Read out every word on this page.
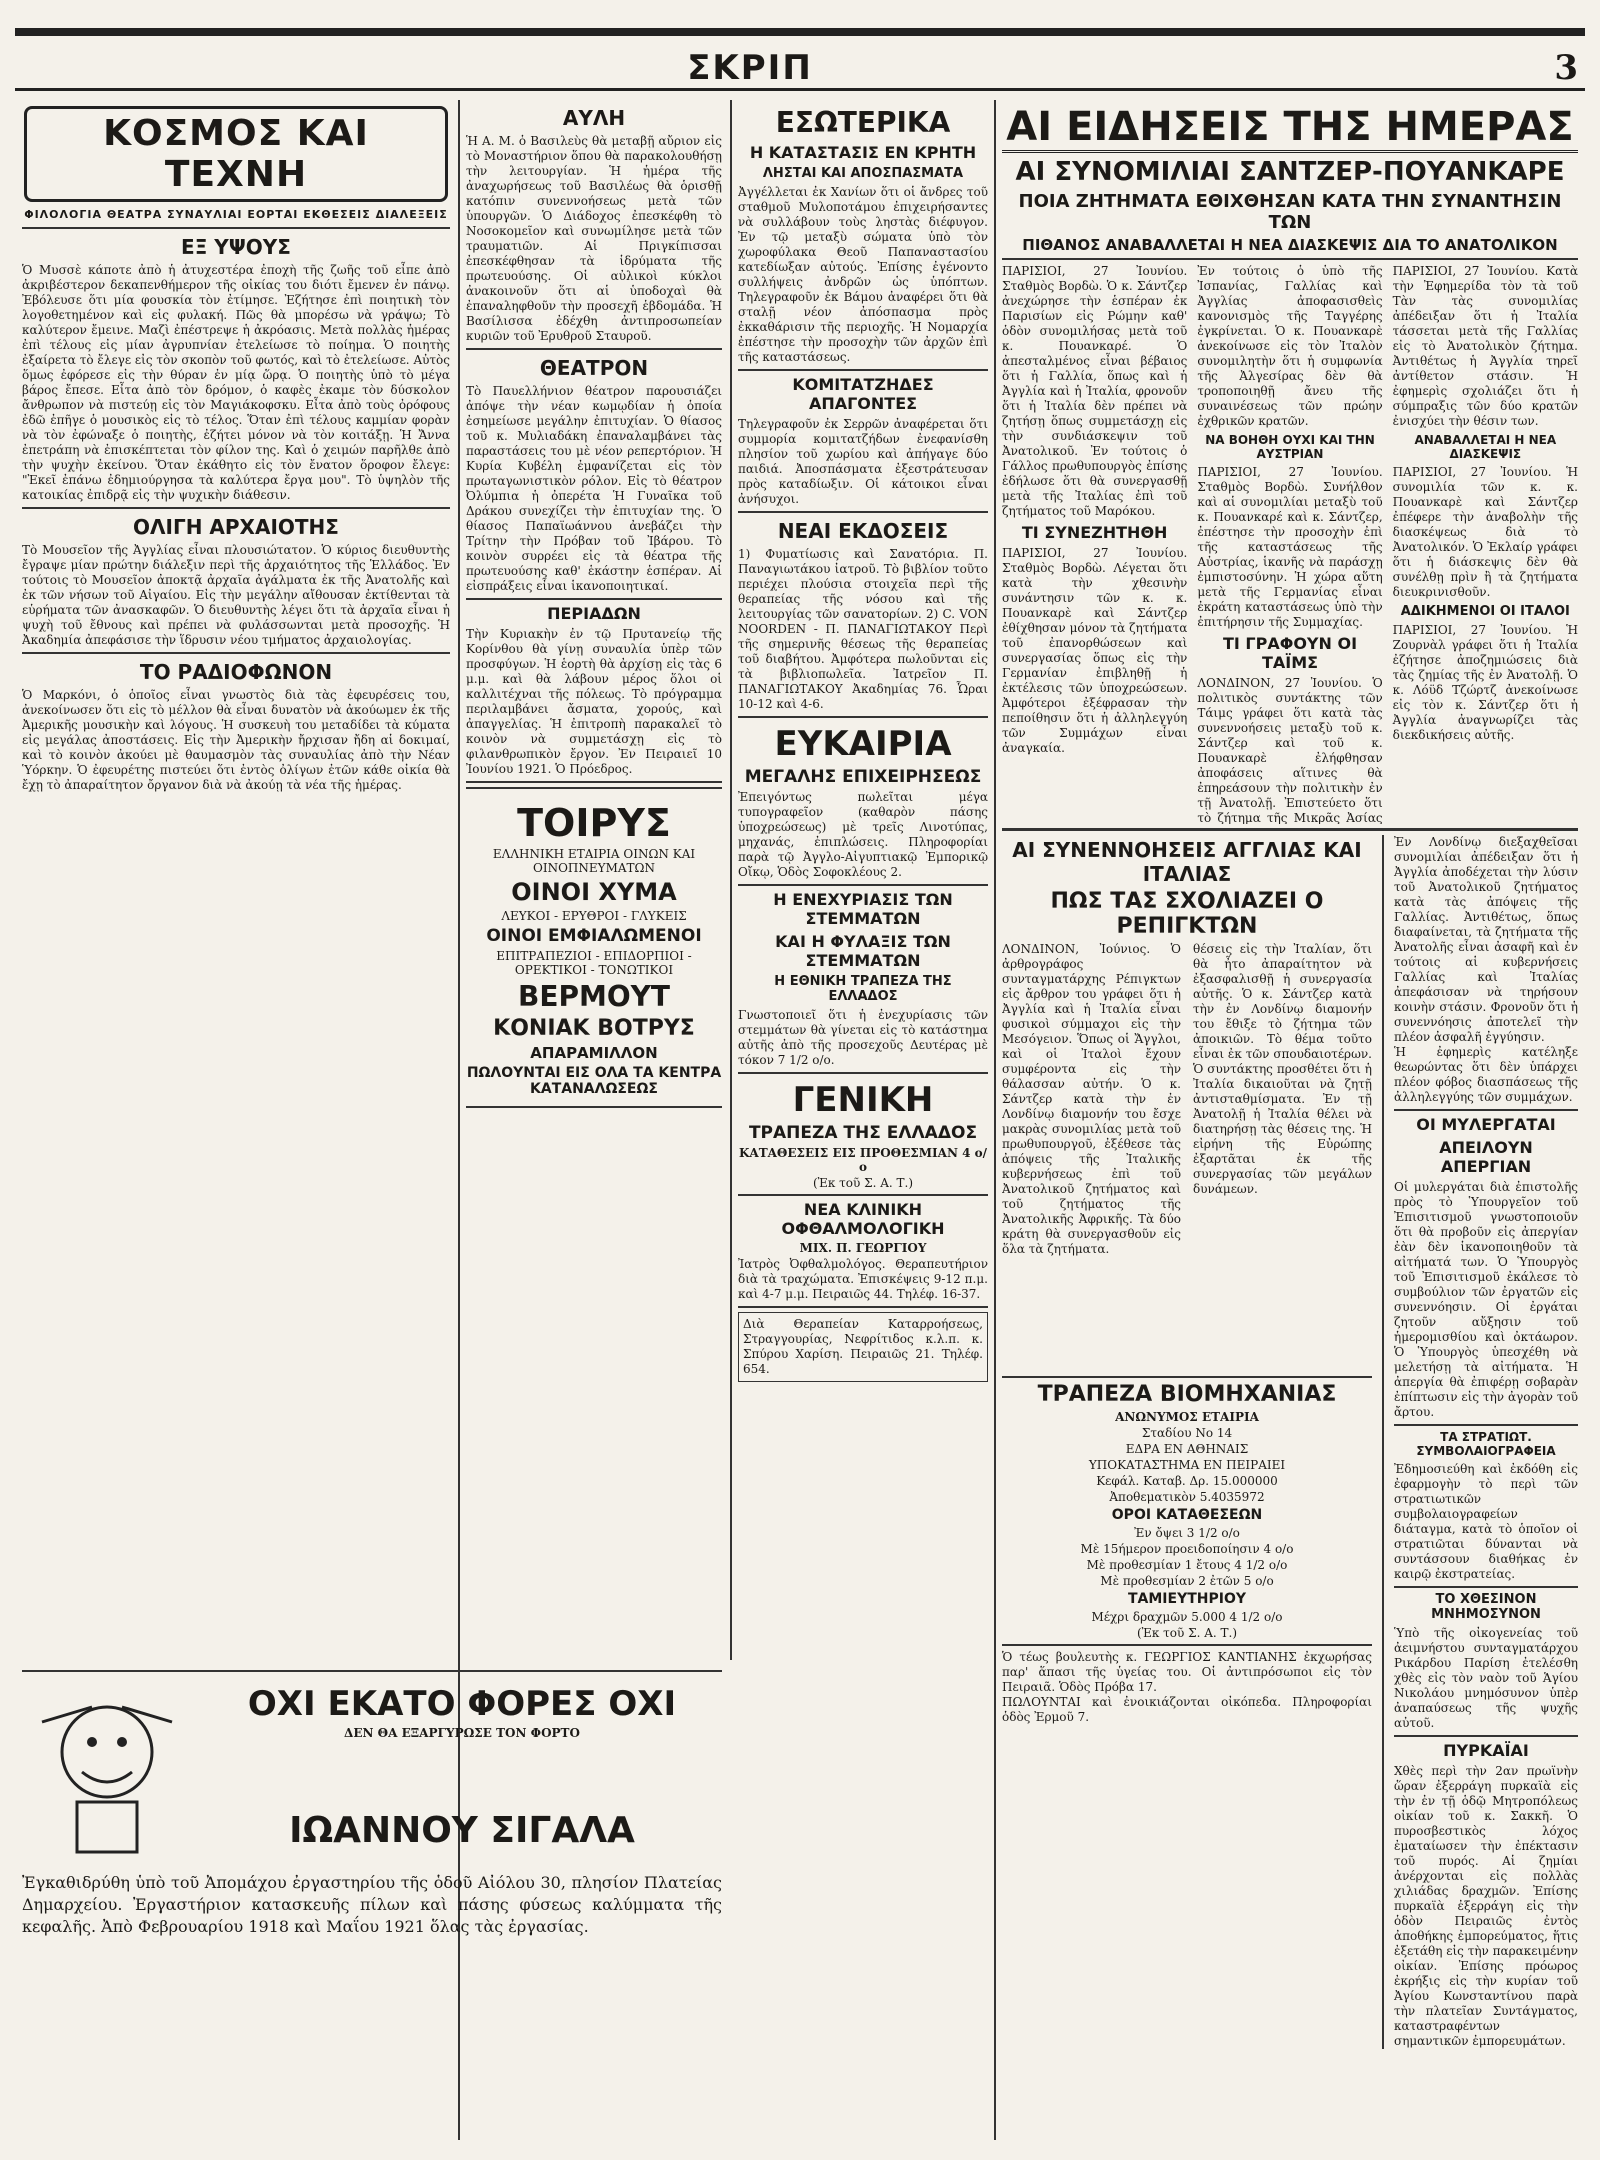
ΣΚΡΙΠ	3
ΚΟΣΜΟΣ ΚΑΙ ΤΕΧΝΗ
ΦΙΛΟΛΟΓΙΑ ΘΕΑΤΡΑ ΣΥΝΑΥΛΙΑΙ ΕΟΡΤΑΙ ΕΚΘΕΣΕΙΣ ΔΙΑΛΕΞΕΙΣ
ΕΞ ΥΨΟΥΣ

Ὁ Μυσσὲ κάποτε ἀπὸ ἡ ἀτυχεστέρα ἐποχὴ τῆς ζωῆς τοῦ εἶπε ἀπὸ ἀκριβέστερον δεκαπενθήμερον τῆς οἰκίας του διότι ἔμενεν ἐν πάνῳ. Ἐβόλευσε ὅτι μία φουσκία τὸν ἐτίμησε. Ἐζήτησε ἐπὶ ποιητικὴ τὸν λογοθετημένον καὶ εἰς φυλακή. Πῶς θὰ μπορέσω νὰ γράψω; Τὸ καλύτερον ἔμεινε. Μαζὶ ἐπέστρεψε ἡ ἀκρόασις. Μετὰ πολλὰς ἡμέρας ἐπὶ τέλους εἰς μίαν ἀγρυπνίαν ἐτελείωσε τὸ ποίημα. Ὁ ποιητὴς ἐξαίρετα τὸ ἔλεγε εἰς τὸν σκοπὸν τοῦ φωτός, καὶ τὸ ἐτελείωσε. Αὐτὸς ὅμως ἐφόρεσε εἰς τὴν θύραν ἐν μίᾳ ὥρᾳ. Ὁ ποιητὴς ὑπὸ τὸ μέγα βάρος ἔπεσε. Εἶτα ἀπὸ τὸν δρόμον, ὁ καφὲς ἐκαμε τὸν δύσκολον ἄνθρωπον νὰ πιστεύῃ εἰς τὸν Μαγιάκοφσκυ. Εἶτα ἀπὸ τοὺς ὀρόφους ἐδῶ ἐπῆγε ὁ μουσικὸς εἰς τὸ τέλος. Ὅταν ἐπὶ τέλους καμμίαν φορὰν νὰ τὸν ἐφώναξε ὁ ποιητὴς, ἐζήτει μόνον νὰ τὸν κοιτάξῃ. Ἡ Ἄννα ἐπετράπη νὰ ἐπισκέπτεται τὸν φίλον της. Καὶ ὁ χειμών παρῆλθε ἀπὸ τὴν ψυχὴν ἐκείνου. Ὅταν ἐκάθητο εἰς τὸν ἔνατον ὅροφον ἔλεγε: "Ἐκεῖ ἐπάνω ἐδημιούργησα τὰ καλύτερα ἔργα μου". Τὸ ὑψηλὸν τῆς κατοικίας ἐπιδρᾷ εἰς τὴν ψυχικὴν διάθεσιν.

ΟΛΙΓΗ ΑΡΧΑΙΟΤΗΣ

Τὸ Μουσεῖον τῆς Ἀγγλίας εἶναι πλουσιώτατον. Ὁ κύριος διευθυντὴς ἔγραψε μίαν πρώτην διάλεξιν περὶ τῆς ἀρχαιότητος τῆς Ἑλλάδος. Ἐν τούτοις τὸ Μουσεῖον ἀποκτᾷ ἀρχαῖα ἀγάλματα ἐκ τῆς Ἀνατολῆς καὶ ἐκ τῶν νήσων τοῦ Αἰγαίου. Εἰς τὴν μεγάλην αἴθουσαν ἐκτίθενται τὰ εὑρήματα τῶν ἀνασκαφῶν. Ὁ διευθυντὴς λέγει ὅτι τὰ ἀρχαῖα εἶναι ἡ ψυχὴ τοῦ ἔθνους καὶ πρέπει νὰ φυλάσσωνται μετὰ προσοχῆς. Ἡ Ἀκαδημία ἀπεφάσισε τὴν ἵδρυσιν νέου τμήματος ἀρχαιολογίας.

ΤΟ ΡΑΔΙΟΦΩΝΟΝ

Ὁ Μαρκόνι, ὁ ὁποῖος εἶναι γνωστὸς διὰ τὰς ἐφευρέσεις του, ἀνεκοίνωσεν ὅτι εἰς τὸ μέλλον θὰ εἶναι δυνατὸν νὰ ἀκούωμεν ἐκ τῆς Ἀμερικῆς μουσικὴν καὶ λόγους. Ἡ συσκευὴ του μεταδίδει τὰ κύματα εἰς μεγάλας ἀποστάσεις. Εἰς τὴν Ἀμερικὴν ἤρχισαν ἤδη αἱ δοκιμαί, καὶ τὸ κοινὸν ἀκούει μὲ θαυμασμὸν τὰς συναυλίας ἀπὸ τὴν Νέαν Ὑόρκην. Ὁ ἐφευρέτης πιστεύει ὅτι ἐντὸς ὀλίγων ἐτῶν κάθε οἰκία θὰ ἔχῃ τὸ ἀπαραίτητον ὄργανον διὰ νὰ ἀκούῃ τὰ νέα τῆς ἡμέρας.

ΑΥΛΗ

Ἡ Α. Μ. ὁ Βασιλεὺς θὰ μεταβῇ αὔριον εἰς τὸ Μοναστήριον ὅπου θὰ παρακολουθήσῃ τὴν λειτουργίαν. Ἡ ἡμέρα τῆς ἀναχωρήσεως τοῦ Βασιλέως θὰ ὁρισθῇ κατόπιν συνεννοήσεως μετὰ τῶν ὑπουργῶν. Ὁ Διάδοχος ἐπεσκέφθη τὸ Νοσοκομεῖον καὶ συνωμίλησε μετὰ τῶν τραυματιῶν. Αἱ Πριγκίπισσαι ἐπεσκέφθησαν τὰ ἱδρύματα τῆς πρωτευούσης. Οἱ αὐλικοὶ κύκλοι ἀνακοινοῦν ὅτι αἱ ὑποδοχαὶ θὰ ἐπαναληφθοῦν τὴν προσεχῆ ἑβδομάδα. Ἡ Βασίλισσα ἐδέχθη ἀντιπροσωπείαν κυριῶν τοῦ Ἐρυθροῦ Σταυροῦ.

ΘΕΑΤΡΟΝ

Τὸ Παυελλήνιον θέατρον παρουσιάζει ἀπόψε τὴν νέαν κωμῳδίαν ἡ ὁποία ἐσημείωσε μεγάλην ἐπιτυχίαν. Ὁ θίασος τοῦ κ. Μυλιαδάκη ἐπαναλαμβάνει τὰς παραστάσεις του μὲ νέον ρεπερτόριον. Ἡ Κυρία Κυβέλη ἐμφανίζεται εἰς τὸν πρωταγωνιστικὸν ρόλον. Εἰς τὸ θέατρον Ὀλύμπια ἡ ὀπερέτα Ἡ Γυναῖκα τοῦ Δράκου συνεχίζει τὴν ἐπιτυχίαν της. Ὁ θίασος Παπαϊωάννου ἀνεβάζει τὴν Τρίτην τὴν Πρόβαν τοῦ Ἰβάρου. Τὸ κοινὸν συρρέει εἰς τὰ θέατρα τῆς πρωτευούσης καθ' ἑκάστην ἑσπέραν. Αἱ εἰσπράξεις εἶναι ἱκανοποιητικαί.

ΠΕΡΙΑΔΩΝ

Τὴν Κυριακὴν ἐν τῷ Πρυτανείῳ τῆς Κορίνθου θὰ γίνῃ συναυλία ὑπὲρ τῶν προσφύγων. Ἡ ἑορτὴ θὰ ἀρχίσῃ εἰς τὰς 6 μ.μ. καὶ θὰ λάβουν μέρος ὅλοι οἱ καλλιτέχναι τῆς πόλεως. Τὸ πρόγραμμα περιλαμβάνει ἄσματα, χορούς, καὶ ἀπαγγελίας. Ἡ ἐπιτροπὴ παρακαλεῖ τὸ κοινὸν νὰ συμμετάσχῃ εἰς τὸ φιλανθρωπικὸν ἔργον. Ἐν Πειραιεῖ 10 Ἰουνίου 1921. Ὁ Πρόεδρος.

ΤΟΙΡΥΣ
ΕΛΛΗΝΙΚΗ ΕΤΑΙΡΙΑ ΟΙΝΩΝ ΚΑΙ ΟΙΝΟΠΝΕΥΜΑΤΩΝ
ΟΙΝΟΙ ΧΥΜΑ
ΛΕΥΚΟΙ - ΕΡΥΘΡΟΙ - ΓΛΥΚΕΙΣ
ΟΙΝΟΙ ΕΜΦΙΑΛΩΜΕΝΟΙ
ΕΠΙΤΡΑΠΕΖΙΟΙ - ΕΠΙΔΟΡΠΙΟΙ - ΟΡΕΚΤΙΚΟΙ - ΤΟΝΩΤΙΚΟΙ
ΒΕΡΜΟΥΤ
ΚΟΝΙΑΚ ΒΟΤΡΥΣ
ΑΠΑΡΑΜΙΛΛΟΝ
ΠΩΛΟΥΝΤΑΙ ΕΙΣ ΟΛΑ ΤΑ ΚΕΝΤΡΑ ΚΑΤΑΝΑΛΩΣΕΩΣ
ΟΧΙ ΕΚΑΤΟ ΦΟΡΕΣ ΟΧΙ
ΔΕΝ ΘΑ ΕΞΑΡΓΥΡΩΣΕ ΤΟΝ ΦΟΡΤΟ
ΙΩΑΝΝΟΥ ΣΙΓΑΛΑ

Ἐγκαθιδρύθη ὑπὸ τοῦ Ἀπομάχου ἐργαστηρίου τῆς ὁδοῦ Αἰόλου 30, πλησίον Πλατείας Δημαρχείου. Ἐργαστήριον κατασκευῆς πίλων καὶ πάσης φύσεως καλύμματα τῆς κεφαλῆς. Ἀπὸ Φεβρουαρίου 1918 καὶ Μαΐου 1921 ὅλας τὰς ἐργασίας.

ΕΣΩΤΕΡΙΚΑ
Η ΚΑΤΑΣΤΑΣΙΣ ΕΝ ΚΡΗΤΗ
ΛΗΣΤΑΙ ΚΑΙ ΑΠΟΣΠΑΣΜΑΤΑ

Ἀγγέλλεται ἐκ Χανίων ὅτι οἱ ἄνδρες τοῦ σταθμοῦ Μυλοποτάμου ἐπιχειρήσαντες νὰ συλλάβουν τοὺς ληστὰς διέφυγον. Ἐν τῷ μεταξὺ σώματα ὑπὸ τὸν χωροφύλακα Θεοῦ Παπαναστασίου κατεδίωξαν αὐτούς. Ἐπίσης ἐγένοντο συλλήψεις ἀνδρῶν ὡς ὑπόπτων. Τηλεγραφοῦν ἐκ Βάμου ἀναφέρει ὅτι θὰ σταλῇ νέον ἀπόσπασμα πρὸς ἐκκαθάρισιν τῆς περιοχῆς. Ἡ Νομαρχία ἐπέστησε τὴν προσοχὴν τῶν ἀρχῶν ἐπὶ τῆς καταστάσεως.

ΚΟΜΙΤΑΤΖΗΔΕΣ ΑΠΑΓΟΝΤΕΣ

Τηλεγραφοῦν ἐκ Σερρῶν ἀναφέρεται ὅτι συμμορία κομιτατζήδων ἐνεφανίσθη πλησίον τοῦ χωρίου καὶ ἀπήγαγε δύο παιδιά. Ἀποσπάσματα ἐξεστράτευσαν πρὸς καταδίωξιν. Οἱ κάτοικοι εἶναι ἀνήσυχοι.

ΝΕΑΙ ΕΚΔΟΣΕΙΣ

1) Φυματίωσις καὶ Σανατόρια. Π. Παναγιωτάκου ἰατροῦ. Τὸ βιβλίον τοῦτο περιέχει πλούσια στοιχεῖα περὶ τῆς θεραπείας τῆς νόσου καὶ τῆς λειτουργίας τῶν σανατορίων. 2) C. VON NOORDEN - Π. ΠΑΝΑΓΙΩΤΑΚΟΥ Περὶ τῆς σημερινῆς θέσεως τῆς θεραπείας τοῦ διαβήτου. Ἀμφότερα πωλοῦνται εἰς τὰ βιβλιοπωλεῖα. Ἰατρεῖον Π. ΠΑΝΑΓΙΩΤΑΚΟΥ Ἀκαδημίας 76. Ὧραι 10-12 καὶ 4-6.

ΕΥΚΑΙΡΙΑ
ΜΕΓΑΛΗΣ ΕΠΙΧΕΙΡΗΣΕΩΣ

Ἐπειγόντως πωλεῖται μέγα τυπογραφεῖον (καθαρὸν πάσης ὑποχρεώσεως) μὲ τρεῖς Λινοτύπας, μηχανάς, ἐπιπλώσεις. Πληροφορίαι παρὰ τῷ Ἀγγλο-Αἰγυπτιακῷ Ἐμπορικῷ Οἴκῳ, Ὁδὸς Σοφοκλέους 2.

Η ΕΝΕΧΥΡΙΑΣΙΣ ΤΩΝ ΣΤΕΜΜΑΤΩΝ
ΚΑΙ Η ΦΥΛΑΞΙΣ ΤΩΝ ΣΤΕΜΜΑΤΩΝ
Η ΕΘΝΙΚΗ ΤΡΑΠΕΖΑ ΤΗΣ ΕΛΛΑΔΟΣ

Γνωστοποιεῖ ὅτι ἡ ἐνεχυρίασις τῶν στεμμάτων θὰ γίνεται εἰς τὸ κατάστημα αὐτῆς ἀπὸ τῆς προσεχοῦς Δευτέρας μὲ τόκον 7 1/2 ο/ο.

ΓΕΝΙΚΗ
ΤΡΑΠΕΖΑ ΤΗΣ ΕΛΛΑΔΟΣ
ΚΑΤΑΘΕΣΕΙΣ ΕΙΣ ΠΡΟΘΕΣΜΙΑΝ 4 ο/ο
(Ἐκ τοῦ Σ. Α. Τ.)
ΝΕΑ ΚΛΙΝΙΚΗ ΟΦΘΑΛΜΟΛΟΓΙΚΗ
ΜΙΧ. Π. ΓΕΩΡΓΙΟΥ

Ἰατρὸς Ὀφθαλμολόγος. Θεραπευτήριον διὰ τὰ τραχώματα. Ἐπισκέψεις 9-12 π.μ. καὶ 4-7 μ.μ. Πειραιῶς 44. Τηλέφ. 16-37.

Διὰ Θεραπείαν Καταρροήσεως, Στραγγουρίας, Νεφρίτιδος κ.λ.π. κ. Σπύρου Χαρίση. Πειραιῶς 21. Τηλέφ. 654.

ΑΙ ΕΙΔΗΣΕΙΣ ΤΗΣ ΗΜΕΡΑΣ
ΑΙ ΣΥΝΟΜΙΛΙΑΙ ΣΑΝΤΖΕΡ-ΠΟΥΑΝΚΑΡΕ
ΠΟΙΑ ΖΗΤΗΜΑΤΑ ΕΘΙΧΘΗΣΑΝ ΚΑΤΑ ΤΗΝ ΣΥΝΑΝΤΗΣΙΝ ΤΩΝ
ΠΙΘΑΝΟΣ ΑΝΑΒΑΛΛΕΤΑΙ Η ΝΕΑ ΔΙΑΣΚΕΨΙΣ ΔΙΑ ΤΟ ΑΝΑΤΟΛΙΚΟΝ

ΠΑΡΙΣΙΟΙ, 27 Ἰουνίου. Σταθμὸς Βορδὼ. Ὁ κ. Σάντζερ ἀνεχώρησε τὴν ἑσπέραν ἐκ Παρισίων εἰς Ρώμην καθ' ὁδὸν συνομιλήσας μετὰ τοῦ κ. Πουανκαρέ. Ὁ ἀπεσταλμένος εἶναι βέβαιος ὅτι ἡ Γαλλία, ὅπως καὶ ἡ Ἀγγλία καὶ ἡ Ἰταλία, φρονοῦν ὅτι ἡ Ἰταλία δὲν πρέπει νὰ ζητήσῃ ὅπως συμμετάσχῃ εἰς τὴν συνδιάσκεψιν τοῦ Ἀνατολικοῦ. Ἐν τούτοις ὁ Γάλλος πρωθυπουργὸς ἐπίσης ἐδήλωσε ὅτι θὰ συνεργασθῇ μετὰ τῆς Ἰταλίας ἐπὶ τοῦ ζητήματος τοῦ Μαρόκου.

ΤΙ ΣΥΝΕΖΗΤΗΘΗ

ΠΑΡΙΣΙΟΙ, 27 Ἰουνίου. Σταθμὸς Βορδὼ. Λέγεται ὅτι κατὰ τὴν χθεσινὴν συνάντησιν τῶν κ. κ. Πουανκαρὲ καὶ Σάντζερ ἐθίχθησαν μόνον τὰ ζητήματα τοῦ ἐπανορθώσεων καὶ συνεργασίας ὅπως εἰς τὴν Γερμανίαν ἐπιβληθῇ ἡ ἐκτέλεσις τῶν ὑποχρεώσεων. Ἀμφότεροι ἐξέφρασαν τὴν πεποίθησιν ὅτι ἡ ἀλληλεγγύη τῶν Συμμάχων εἶναι ἀναγκαία.

Ἐν τούτοις ὁ ὑπὸ τῆς Ἰσπανίας, Γαλλίας καὶ Ἀγγλίας ἀποφασισθεὶς κανονισμὸς τῆς Ταγγέρης ἐγκρίνεται. Ὁ κ. Πουανκαρὲ ἀνεκοίνωσε εἰς τὸν Ἰταλὸν συνομιλητὴν ὅτι ἡ συμφωνία τῆς Ἀλγεσίρας δὲν θὰ τροποποιηθῇ ἄνευ τῆς συναινέσεως τῶν πρώην ἐχθρικῶν κρατῶν.

ΝΑ ΒΟΗΘΗ ΟΥΧΙ ΚΑΙ ΤΗΝ ΑΥΣΤΡΙΑΝ

ΠΑΡΙΣΙΟΙ, 27 Ἰουνίου. Σταθμὸς Βορδὼ. Συνήλθον καὶ αἱ συνομιλίαι μεταξὺ τοῦ κ. Πουανκαρέ καὶ κ. Σάντζερ, ἐπέστησε τὴν προσοχὴν ἐπὶ τῆς καταστάσεως τῆς Αὐστρίας, ἱκανῆς νὰ παράσχῃ ἐμπιστοσύνην. Ἡ χώρα αὕτη μετὰ τῆς Γερμανίας εἶναι ἐκράτη καταστάσεως ὑπὸ τὴν ἐπιτήρησιν τῆς Συμμαχίας.

ΤΙ ΓΡΑΦΟΥΝ ΟΙ ΤΑΪΜΣ

ΛΟΝΔΙΝΟΝ, 27 Ἰουνίου. Ὁ πολιτικὸς συντάκτης τῶν Τάιμς γράφει ὅτι κατὰ τὰς συνεννοήσεις μεταξὺ τοῦ κ. Σάντζερ καὶ τοῦ κ. Πουανκαρὲ ἐλήφθησαν ἀποφάσεις αἵτινες θὰ ἐπηρεάσουν τὴν πολιτικὴν ἐν τῇ Ἀνατολῇ. Ἐπιστεύετο ὅτι τὸ ζήτημα τῆς Μικρᾶς Ἀσίας

ΠΑΡΙΣΙΟΙ, 27 Ἰουνίου. Κατὰ τὴν Ἐφημερίδα τὸν τὰ τοῦ Τὰν τὰς συνομιλίας ἀπέδειξαν ὅτι ἡ Ἰταλία τάσσεται μετὰ τῆς Γαλλίας εἰς τὸ Ἀνατολικὸν ζήτημα. Ἀντιθέτως ἡ Ἀγγλία τηρεῖ ἀντίθετον στάσιν. Ἡ ἐφημερὶς σχολιάζει ὅτι ἡ σύμπραξις τῶν δύο κρατῶν ἐνισχύει τὴν θέσιν των.

ΑΝΑΒΑΛΛΕΤΑΙ Η ΝΕΑ ΔΙΑΣΚΕΨΙΣ

ΠΑΡΙΣΙΟΙ, 27 Ἰουνίου. Ἡ συνομιλία τῶν κ. κ. Πουανκαρὲ καὶ Σάντζερ ἐπέφερε τὴν ἀναβολὴν τῆς διασκέψεως διὰ τὸ Ἀνατολικόν. Ὁ Ἐκλαίρ γράφει ὅτι ἡ διάσκεψις δὲν θὰ συνέλθῃ πρὶν ἢ τὰ ζητήματα διευκρινισθοῦν.

ΑΔΙΚΗΜΕΝΟΙ ΟΙ ΙΤΑΛΟΙ

ΠΑΡΙΣΙΟΙ, 27 Ἰουνίου. Ἡ Ζουρνὰλ γράφει ὅτι ἡ Ἰταλία ἐζήτησε ἀποζημιώσεις διὰ τὰς ζημίας τῆς ἐν Ἀνατολῇ. Ὁ κ. Λόϋδ Τζώρτζ ἀνεκοίνωσε εἰς τὸν κ. Σάντζερ ὅτι ἡ Ἀγγλία ἀναγνωρίζει τὰς διεκδικήσεις αὐτῆς.

ΑΙ ΣΥΝΕΝΝΟΗΣΕΙΣ ΑΓΓΛΙΑΣ ΚΑΙ ΙΤΑΛΙΑΣ
ΠΩΣ ΤΑΣ ΣΧΟΛΙΑΖΕΙ Ο ΡΕΠΙΓΚΤΩΝ

ΛΟΝΔΙΝΟΝ, Ἰούνιος. Ὁ ἀρθρογράφος συνταγματάρχης Ρέπιγκτων εἰς ἄρθρον του γράφει ὅτι ἡ Ἀγγλία καὶ ἡ Ἰταλία εἶναι φυσικοὶ σύμμαχοι εἰς τὴν Μεσόγειον. Ὅπως οἱ Ἄγγλοι, καὶ οἱ Ἰταλοὶ ἔχουν συμφέροντα εἰς τὴν θάλασσαν αὐτήν. Ὁ κ. Σάντζερ κατὰ τὴν ἐν Λονδίνῳ διαμονήν του ἔσχε μακρὰς συνομιλίας μετὰ τοῦ πρωθυπουργοῦ, ἐξέθεσε τὰς ἀπόψεις τῆς Ἰταλικῆς κυβερνήσεως ἐπὶ τοῦ Ἀνατολικοῦ ζητήματος καὶ τοῦ ζητήματος τῆς Ἀνατολικῆς Ἀφρικῆς. Τὰ δύο κράτη θὰ συνεργασθοῦν εἰς ὅλα τὰ ζητήματα.

θέσεις εἰς τὴν Ἰταλίαν, ὅτι θὰ ἦτο ἀπαραίτητον νὰ ἐξασφαλισθῇ ἡ συνεργασία αὐτῆς. Ὁ κ. Σάντζερ κατὰ τὴν ἐν Λονδίνῳ διαμονήν του ἔθιξε τὸ ζήτημα τῶν ἀποικιῶν. Τὸ θέμα τοῦτο εἶναι ἐκ τῶν σπουδαιοτέρων. Ὁ συντάκτης προσθέτει ὅτι ἡ Ἰταλία δικαιοῦται νὰ ζητῇ ἀντισταθμίσματα. Ἐν τῇ Ἀνατολῇ ἡ Ἰταλία θέλει νὰ διατηρήσῃ τὰς θέσεις της. Ἡ εἰρήνη τῆς Εὐρώπης ἐξαρτᾶται ἐκ τῆς συνεργασίας τῶν μεγάλων δυνάμεων.

ΤΡΑΠΕΖΑ ΒΙΟΜΗΧΑΝΙΑΣ
ΑΝΩΝΥΜΟΣ ΕΤΑΙΡΙΑ
Σταδίου Νο 14
ΕΔΡΑ ΕΝ ΑΘΗΝΑΙΣ
ΥΠΟΚΑΤΑΣΤΗΜΑ ΕΝ ΠΕΙΡΑΙΕΙ
Κεφάλ. Καταβ. Δρ. 15.000000
Ἀποθεματικὸν 5.4035972
ΟΡΟΙ ΚΑΤΑΘΕΣΕΩΝ
Ἐν ὄψει 3 1/2 ο/ο
Μὲ 15ήμερον προειδοποίησιν 4 ο/ο
Μὲ προθεσμίαν 1 ἔτους 4 1/2 ο/ο
Μὲ προθεσμίαν 2 ἐτῶν 5 ο/ο
ΤΑΜΙΕΥΤΗΡΙΟΥ
Μέχρι δραχμῶν 5.000 4 1/2 ο/ο
(Ἐκ τοῦ Σ. Α. Τ.)

Ὁ τέως βουλευτὴς κ. ΓΕΩΡΓΙΟΣ ΚΑΝΤΙΑΝΗΣ ἐκχωρήσας παρ' ἅπασι τῆς ὑγείας του. Οἱ ἀντιπρόσωποι εἰς τὸν Πειραιᾶ. Ὁδὸς Πρόβα 17.

ΠΩΛΟΥΝΤΑΙ καὶ ἐνοικιάζονται οἰκόπεδα. Πληροφορίαι ὁδὸς Ἐρμοῦ 7.

Ἐν Λονδίνῳ διεξαχθεῖσαι συνομιλίαι ἀπέδειξαν ὅτι ἡ Ἀγγλία ἀποδέχεται τὴν λύσιν τοῦ Ἀνατολικοῦ ζητήματος κατὰ τὰς ἀπόψεις τῆς Γαλλίας. Ἀντιθέτως, ὅπως διαφαίνεται, τὰ ζητήματα τῆς Ἀνατολῆς εἶναι ἀσαφῆ καὶ ἐν τούτοις αἱ κυβερνήσεις Γαλλίας καὶ Ἰταλίας ἀπεφάσισαν νὰ τηρήσουν κοινὴν στάσιν. Φρονοῦν ὅτι ἡ συνεννόησις ἀποτελεῖ τὴν πλέον ἀσφαλῆ ἐγγύησιν.

Ἡ ἐφημερὶς κατέληξε θεωρώντας ὅτι δὲν ὑπάρχει πλέον φόβος διασπάσεως τῆς ἀλληλεγγύης τῶν συμμάχων.

ΟΙ ΜΥΛΕΡΓΑΤΑΙ
ΑΠΕΙΛΟΥΝ ΑΠΕΡΓΙΑΝ

Οἱ μυλεργάται διὰ ἐπιστολῆς πρὸς τὸ Ὑπουργεῖον τοῦ Ἐπισιτισμοῦ γνωστοποιοῦν ὅτι θὰ προβοῦν εἰς ἀπεργίαν ἐὰν δὲν ἱκανοποιηθοῦν τὰ αἰτήματά των. Ὁ Ὑπουργὸς τοῦ Ἐπισιτισμοῦ ἐκάλεσε τὸ συμβούλιον τῶν ἐργατῶν εἰς συνεννόησιν. Οἱ ἐργάται ζητοῦν αὔξησιν τοῦ ἡμερομισθίου καὶ ὀκτάωρον. Ὁ Ὑπουργὸς ὑπεσχέθη νὰ μελετήσῃ τὰ αἰτήματα. Ἡ ἀπεργία θὰ ἐπιφέρῃ σοβαρὰν ἐπίπτωσιν εἰς τὴν ἀγορὰν τοῦ ἄρτου.

ΤΑ ΣΤΡΑΤΙΩΤ. ΣΥΜΒΟΛΑΙΟΓΡΑΦΕΙΑ

Ἐδημοσιεύθη καὶ ἐκδόθη εἰς ἐφαρμογὴν τὸ περὶ τῶν στρατιωτικῶν συμβολαιογραφείων διάταγμα, κατὰ τὸ ὁποῖον οἱ στρατιῶται δύνανται νὰ συντάσσουν διαθήκας ἐν καιρῷ ἐκστρατείας.

ΤΟ ΧΘΕΣΙΝΟΝ ΜΝΗΜΟΣΥΝΟΝ

Ὑπὸ τῆς οἰκογενείας τοῦ ἀειμνήστου συνταγματάρχου Ρικάρδου Παρίση ἐτελέσθη χθὲς εἰς τὸν ναὸν τοῦ Ἁγίου Νικολάου μνημόσυνον ὑπὲρ ἀναπαύσεως τῆς ψυχῆς αὐτοῦ.

ΠΥΡΚΑΪΑΙ

Χθὲς περὶ τὴν 2αν πρωϊνὴν ὥραν ἐξερράγη πυρκαϊὰ εἰς τὴν ἐν τῇ ὁδῷ Μητροπόλεως οἰκίαν τοῦ κ. Σακκῆ. Ὁ πυροσβεστικὸς λόχος ἐματαίωσεν τὴν ἐπέκτασιν τοῦ πυρός. Αἱ ζημίαι ἀνέρχονται εἰς πολλὰς χιλιάδας δραχμῶν. Ἐπίσης πυρκαϊὰ ἐξερράγη εἰς τὴν ὁδὸν Πειραιῶς ἐντὸς ἀποθήκης ἐμπορεύματος, ἥτις ἐξετάθη εἰς τὴν παρακειμένην οἰκίαν. Ἐπίσης πρόωρος ἐκρήξις εἰς τὴν κυρίαν τοῦ Ἀγίου Κωνσταντίνου παρὰ τὴν πλατεῖαν Συντάγματος, καταστραφέντων σημαντικῶν ἐμπορευμάτων.
